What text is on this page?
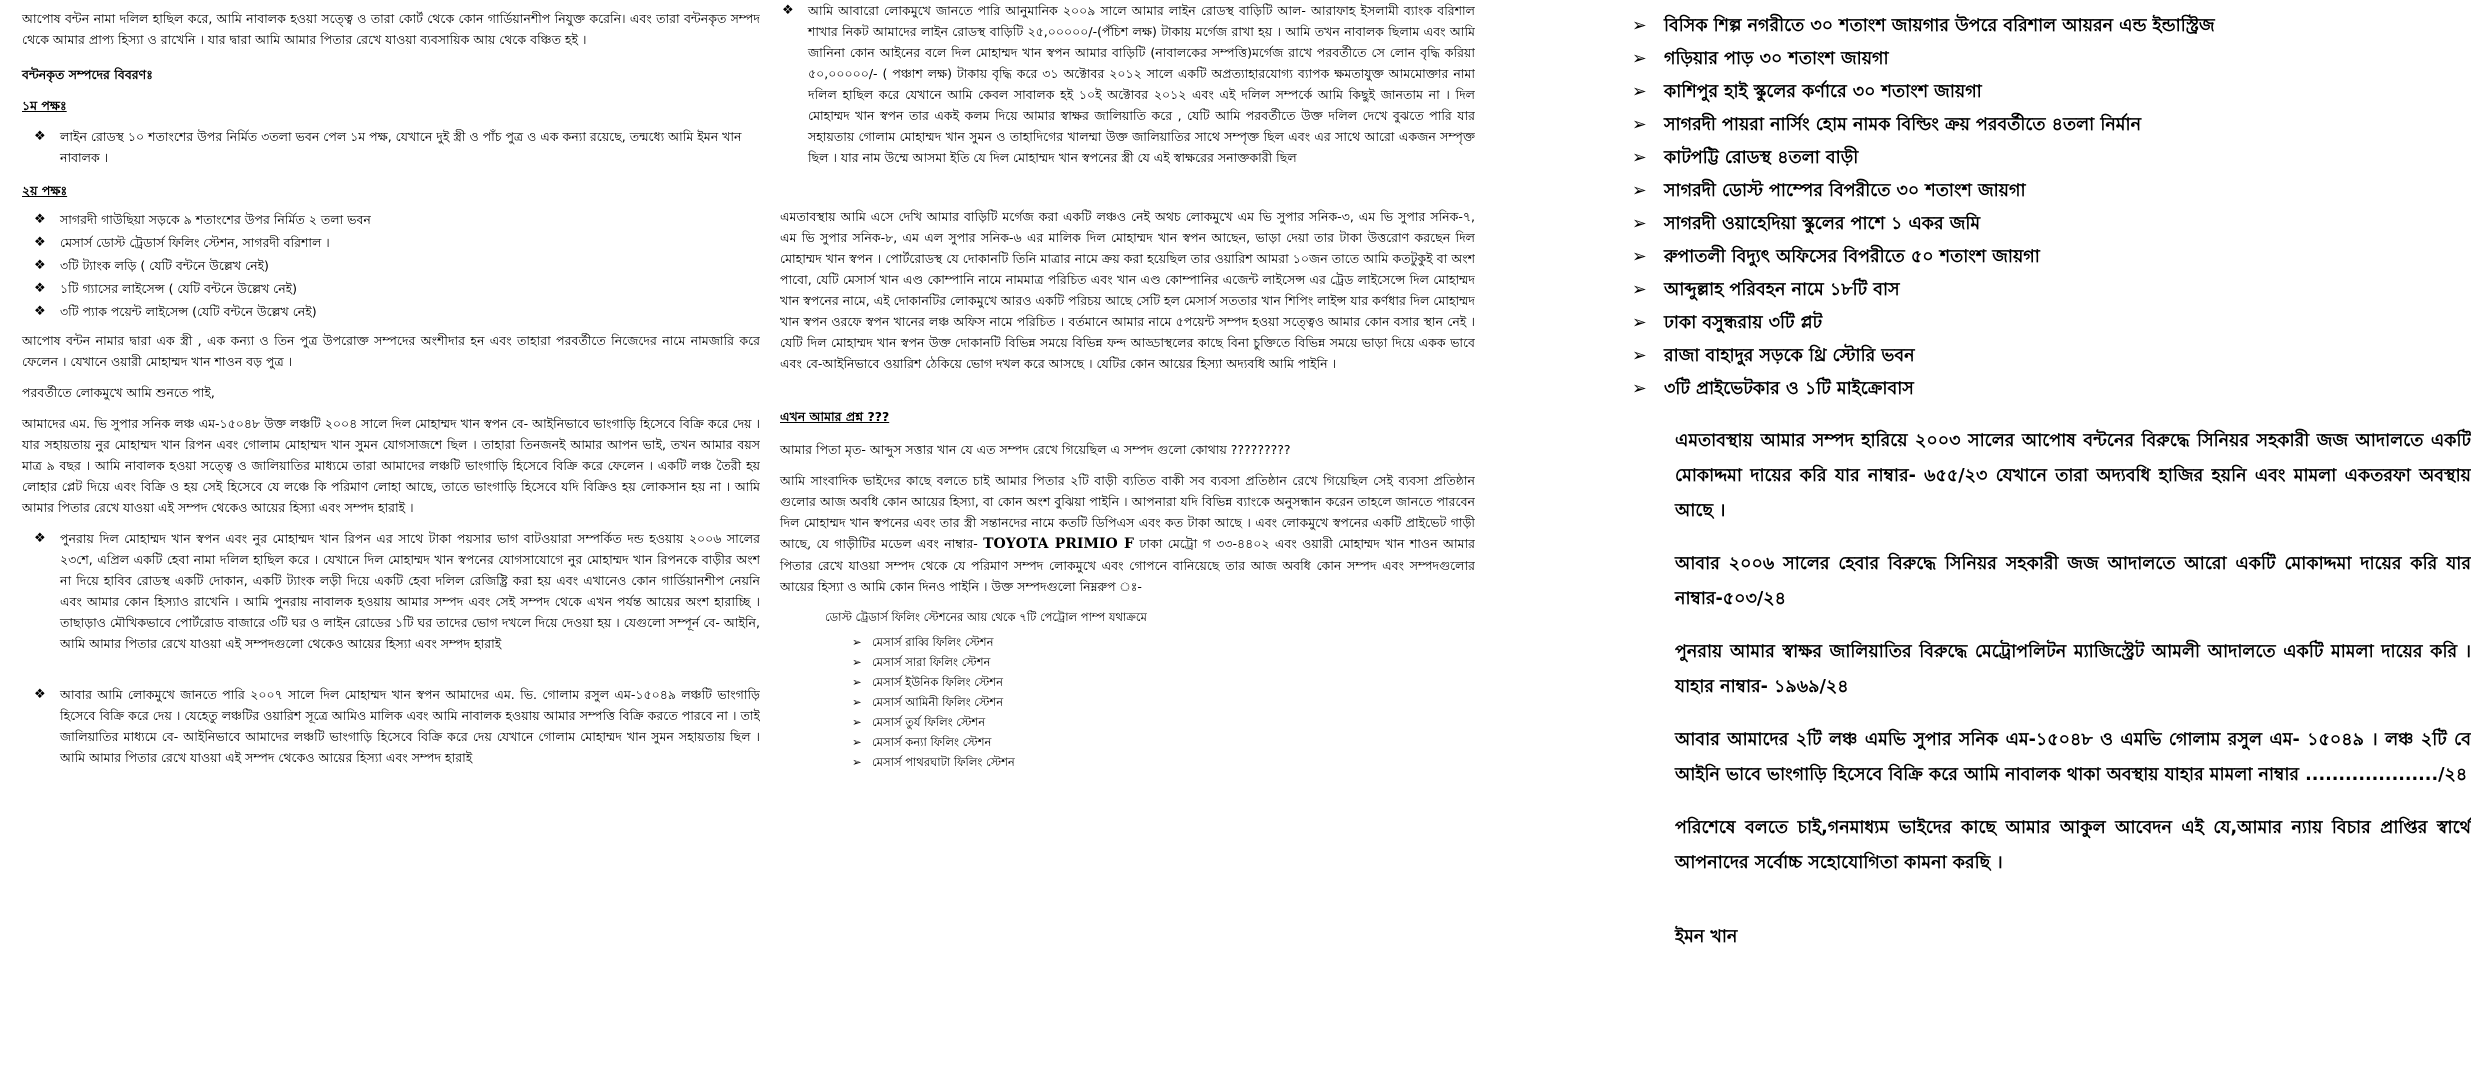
আপোষ বন্টন নামা দলিল হাছিল করে, আমি নাবালক হওয়া সত্ত্বে ও তারা কোর্ট থেকে কোন গার্ডিয়ানশীপ নিযুক্ত করেনি। এবং তারা বন্টনকৃত সম্পদ থেকে আমার প্রাপ্য হিস্যা ও রাখেনি । যার দ্বারা আমি আমার পিতার রেখে যাওয়া ব্যবসায়িক আয় থেকে বঞ্চিত হই ।

বন্টনকৃত সম্পদের বিবরণঃ
১ম পক্ষঃ
❖ লাইন রোডস্থ ১০ শতাংশের উপর নির্মিত ৩তলা ভবন পেল ১ম পক্ষ, যেখানে দুই স্ত্রী ও পাঁচ পুত্র ও এক কন্যা রয়েছে, তন্মধ্যে আমি ইমন খান নাবালক ।
২য় পক্ষঃ
❖ সাগরদী গাউছিয়া সড়কে ৯ শতাংশের উপর নির্মিত ২ তলা ভবন
❖ মেসার্স ডোস্ট ট্রেডার্স ফিলিং স্টেশন, সাগরদী বরিশাল ।
❖ ৩টি ট্যাংক লড়ি ( যেটি বন্টনে উল্লেখ নেই)
❖ ১টি গ্যাসের লাইসেন্স ( যেটি বন্টনে উল্লেখ নেই)
❖ ৩টি প্যাক পয়েন্ট লাইসেন্স (যেটি বন্টনে উল্লেখ নেই)

আপোষ বন্টন নামার দ্বারা এক স্ত্রী , এক কন্যা ও তিন পুত্র উপরোক্ত সম্পদের অংশীদার হন এবং তাহারা পরবর্তীতে নিজেদের নামে নামজারি করে ফেলেন । যেখানে ওয়ারী মোহাম্মদ খান শাওন বড় পুত্র ।

পরবর্তীতে লোকমুখে আমি শুনতে পাই,

আমাদের এম. ভি সুপার সনিক লঞ্চ এম-১৫০৪৮ উক্ত লঞ্চটি ২০০৪ সালে দিল মোহাম্মদ খান স্বপন বে- আইনিভাবে ভাংগাড়ি হিসেবে বিক্রি করে দেয় । যার সহায়তায় নুর মোহাম্মদ খান রিপন এবং গোলাম মোহাম্মদ খান সুমন যোগসাজশে ছিল । তাহারা তিনজনই আমার আপন ভাই, তখন আমার বয়স মাত্র ৯ বছর । আমি নাবালক হওয়া সত্ত্বে ও জালিয়াতির মাধ্যমে তারা আমাদের লঞ্চটি ভাংগাড়ি হিসেবে বিক্রি করে ফেলেন । একটি লঞ্চ তৈরী হয় লোহার প্লেট দিয়ে এবং বিক্রি ও হয় সেই হিসেবে যে লঞ্চে কি পরিমাণ লোহা আছে, তাতে ভাংগাড়ি হিসেবে যদি বিক্রিও হয় লোকসান হয় না । আমি আমার পিতার রেখে যাওয়া এই সম্পদ থেকেও আয়ের হিস্যা এবং সম্পদ হারাই ।

❖ পুনরায় দিল মোহাম্মদ খান স্বপন এবং নুর মোহাম্মদ খান রিপন এর সাথে টাকা পয়সার ভাগ বাটওয়ারা সম্পর্কিত দন্ড হওয়ায় ২০০৬ সালের ২৩শে, এপ্রিল একটি হেবা নামা দলিল হাছিল করে । যেখানে দিল মোহাম্মদ খান স্বপনের যোগসাযোগে নুর মোহাম্মদ খান রিপনকে বাড়ীর অংশ না দিয়ে হাবিব রোডস্থ একটি দোকান, একটি ট্যাংক লড়ী দিয়ে একটি হেবা দলিল রেজিষ্ট্রি করা হয় এবং এখানেও কোন গার্ডিয়ানশীপ নেয়নি এবং আমার কোন হিস্যাও রাখেনি । আমি পুনরায় নাবালক হওয়ায় আমার সম্পদ এবং সেই সম্পদ থেকে এখন পর্যন্ত আয়ের অংশ হারাচ্ছি । তাছাড়াও মৌখিকভাবে পোর্টরোড বাজারে ৩টি ঘর ও লাইন রোডের ১টি ঘর তাদের ভোগ দখলে দিয়ে দেওয়া হয় । যেগুলো সম্পূর্ন বে- আইনি, আমি আমার পিতার রেখে যাওয়া এই সম্পদগুলো থেকেও আয়ের হিস্যা এবং সম্পদ হারাই
❖ আবার আমি লোকমুখে জানতে পারি ২০০৭ সালে দিল মোহাম্মদ খান স্বপন আমাদের এম. ভি. গোলাম রসুল এম-১৫০৪৯ লঞ্চটি ভাংগাড়ি হিসেবে বিক্রি করে দেয় । যেহেতু লঞ্চটির ওয়ারিশ সূত্রে আমিও মালিক এবং আমি নাবালক হওয়ায় আমার সম্পত্তি বিক্রি করতে পারবে না । তাই জালিয়াতির মাধ্যমে বে- আইনিভাবে আমাদের লঞ্চটি ভাংগাড়ি হিসেবে বিক্রি করে দেয় যেখানে গোলাম মোহাম্মদ খান সুমন সহায়তায় ছিল । আমি আমার পিতার রেখে যাওয়া এই সম্পদ থেকেও আয়ের হিস্যা এবং সম্পদ হারাই
❖ আমি আবারো লোকমুখে জানতে পারি আনুমানিক ২০০৯ সালে আমার লাইন রোডস্থ বাড়িটি আল- আরাফাহ ইসলামী ব্যাংক বরিশাল শাখার নিকট আমাদের লাইন রোডস্থ বাড়িটি ২৫,০০০০০/-(পঁচিশ লক্ষ) টাকায় মর্গেজ রাখা হয় । আমি তখন নাবালক ছিলাম এবং আমি জানিনা কোন আইনের বলে দিল মোহাম্মদ খান স্বপন আমার বাড়িটি (নাবালকের সম্পত্তি)মর্গেজ রাখে পরবর্তীতে সে লোন বৃদ্ধি করিয়া ৫০,০০০০০/- ( পঞ্চাশ লক্ষ) টাকায় বৃদ্ধি করে ৩১ অক্টোবর ২০১২ সালে একটি অপ্রত্যাহারযোগ্য ব্যাপক ক্ষমতাযুক্ত আমমোক্তার নামা দলিল হাছিল করে যেখানে আমি কেবল সাবালক হই ১০ই অক্টোবর ২০১২ এবং এই দলিল সম্পর্কে আমি কিছুই জানতাম না । দিল মোহাম্মদ খান স্বপন তার একই কলম দিয়ে আমার স্বাক্ষর জালিয়াতি করে , যেটি আমি পরবর্তীতে উক্ত দলিল দেখে বুঝতে পারি যার সহায়তায় গোলাম মোহাম্মদ খান সুমন ও তাহাদিগের খালম্মা উক্ত জালিয়াতির সাথে সম্পৃক্ত ছিল এবং এর সাথে আরো একজন সম্পৃক্ত ছিল । যার নাম উম্মে আসমা ইতি যে দিল মোহাম্মদ খান স্বপনের স্ত্রী যে এই স্বাক্ষরের সনাক্তকারী ছিল

এমতাবস্থায় আমি এসে দেখি আমার বাড়িটি মর্গেজ করা একটি লঞ্চও নেই অথচ লোকমুখে এম ভি সুপার সনিক-৩, এম ভি সুপার সনিক-৭, এম ভি সুপার সনিক-৮, এম এল সুপার সনিক-৬ এর মালিক দিল মোহাম্মদ খান স্বপন আছেন, ভাড়া দেয়া তার টাকা উত্তরোণ করছেন দিল মোহাম্মদ খান স্বপন । পোর্টরোডস্থ যে দোকানটি তিনি মাত্রার নামে ক্রয় করা হয়েছিল তার ওয়ারিশ আমরা ১০জন তাতে আমি কতটুকুই বা অংশ পাবো, যেটি মেসার্স খান এণ্ড কোম্পানি নামে নামমাত্র পরিচিত এবং খান এণ্ড কোম্পানির এজেন্ট লাইসেন্স এর ট্রেড লাইসেন্সে দিল মোহাম্মদ খান স্বপনের নামে, এই দোকানটির লোকমুখে আরও একটি পরিচয় আছে সেটি হল মেসার্স সততার খান শিপিং লাইন্স যার কর্ণধার দিল মোহাম্মদ খান স্বপন ওরফে স্বপন খানের লঞ্চ অফিস নামে পরিচিত । বর্তমানে আমার নামে ৫পয়েন্ট সম্পদ হওয়া সত্ত্বেও আমার কোন বসার স্থান নেই । যেটি দিল মোহাম্মদ খান স্বপন উক্ত দোকানটি বিভিন্ন সময়ে বিভিন্ন ফন্দ আড্ডাস্থলের কাছে বিনা চুক্তিতে বিভিন্ন সময়ে ভাড়া দিয়ে একক ভাবে এবং বে-আইনিভাবে ওয়ারিশ ঠেকিয়ে ভোগ দখল করে আসছে । যেটির কোন আয়ের হিস্যা অদ্যবধি আমি পাইনি ।

এখন আমার প্রশ্ন ???

আমার পিতা মৃত- আব্দুস সত্তার খান যে এত সম্পদ রেখে গিয়েছিল এ সম্পদ গুলো কোথায় ?????????

আমি সাংবাদিক ভাইদের কাছে বলতে চাই আমার পিতার ২টি বাড়ী ব্যতিত বাকী সব ব্যবসা প্রতিষ্ঠান রেখে গিয়েছিল সেই ব্যবসা প্রতিষ্ঠান গুলোর আজ অবধি কোন আয়ের হিস্যা, বা কোন অংশ বুঝিয়া পাইনি । আপনারা যদি বিভিন্ন ব্যাংকে অনুসন্ধান করেন তাহলে জানতে পারবেন দিল মোহাম্মদ খান স্বপনের এবং তার স্ত্রী সন্তানদের নামে কতটি ডিপিএস এবং কত টাকা আছে । এবং লোকমুখে স্বপনের একটি প্রাইভেট গাড়ী আছে, যে গাড়ীটির মডেল এবং নাম্বার- TOYOTA PRIMIO F ঢাকা মেট্রো গ ৩৩-৪৪০২ এবং ওয়ারী মোহাম্মদ খান শাওন আমার পিতার রেখে যাওয়া সম্পদ থেকে যে পরিমাণ সম্পদ লোকমুখে এবং গোপনে বানিয়েছে তার আজ অবধি কোন সম্পদ এবং সম্পদগুলোর আয়ের হিস্যা ও আমি কোন দিনও পাইনি । উক্ত সম্পদগুলো নিম্নরুপ ঃ-

ডোস্ট ট্রেডার্স ফিলিং স্টেশনের আয় থেকে ৭টি পেট্রোল পাম্প যথাক্রমে
➢ মেসার্স রাব্বি ফিলিং স্টেশন
➢ মেসার্স সারা ফিলিং স্টেশন
➢ মেসার্স ইউনিক ফিলিং স্টেশন
➢ মেসার্স আমিনী ফিলিং স্টেশন
➢ মেসার্স তুর্য ফিলিং স্টেশন
➢ মেসার্স কন্যা ফিলিং স্টেশন
➢ মেসার্স পাথরঘাটা ফিলিং স্টেশন
➢ বিসিক শিল্প নগরীতে ৩০ শতাংশ জায়গার উপরে বরিশাল আয়রন এন্ড ইন্ডাস্ট্রিজ
➢ গড়িয়ার পাড় ৩০ শতাংশ জায়গা
➢ কাশিপুর হাই স্কুলের কর্ণারে ৩০ শতাংশ জায়গা
➢ সাগরদী পায়রা নার্সিং হোম নামক বিল্ডিং ক্রয় পরবর্তীতে ৪তলা নির্মান
➢ কাটপট্টি রোডস্থ ৪তলা বাড়ী
➢ সাগরদী ডোস্ট পাম্পের বিপরীতে ৩০ শতাংশ জায়গা
➢ সাগরদী ওয়াহেদিয়া স্কুলের পাশে ১ একর জমি
➢ রুপাতলী বিদ্যুৎ অফিসের বিপরীতে ৫০ শতাংশ জায়গা
➢ আব্দুল্লাহ পরিবহন নামে ১৮টি বাস
➢ ঢাকা বসুন্ধরায় ৩টি প্লট
➢ রাজা বাহাদুর সড়কে থ্রি স্টোরি ভবন
➢ ৩টি প্রাইভেটকার ও ১টি মাইক্রোবাস

এমতাবস্থায় আমার সম্পদ হারিয়ে ২০০৩ সালের আপোষ বন্টনের বিরুদ্ধে সিনিয়র সহকারী জজ আদালতে একটি মোকাদ্দমা দায়ের করি যার নাম্বার- ৬৫৫/২৩ যেখানে তারা অদ্যবধি হাজির হয়নি এবং মামলা একতরফা অবস্থায় আছে ।

আবার ২০০৬ সালের হেবার বিরুদ্ধে সিনিয়র সহকারী জজ আদালতে আরো একটি মোকাদ্দমা দায়ের করি যার নাম্বার-৫০৩/২৪

পুনরায় আমার স্বাক্ষর জালিয়াতির বিরুদ্ধে মেট্রোপলিটন ম্যাজিস্ট্রেট আমলী আদালতে একটি মামলা দায়ের করি । যাহার নাম্বার- ১৯৬৯/২৪

আবার আমাদের ২টি লঞ্চ এমভি সুপার সনিক এম-১৫০৪৮ ও এমভি গোলাম রসুল এম- ১৫০৪৯ । লঞ্চ ২টি বে আইনি ভাবে ভাংগাড়ি হিসেবে বিক্রি করে আমি নাবালক থাকা অবস্থায় যাহার মামলা নাম্বার ..................../২৪

পরিশেষে বলতে চাই,গনমাধ্যম ভাইদের কাছে আমার আকুল আবেদন এই যে,আমার ন্যায় বিচার প্রাপ্তির স্বার্থে আপনাদের সর্বোচ্চ সহোযোগিতা কামনা করছি ।

ইমন খান
